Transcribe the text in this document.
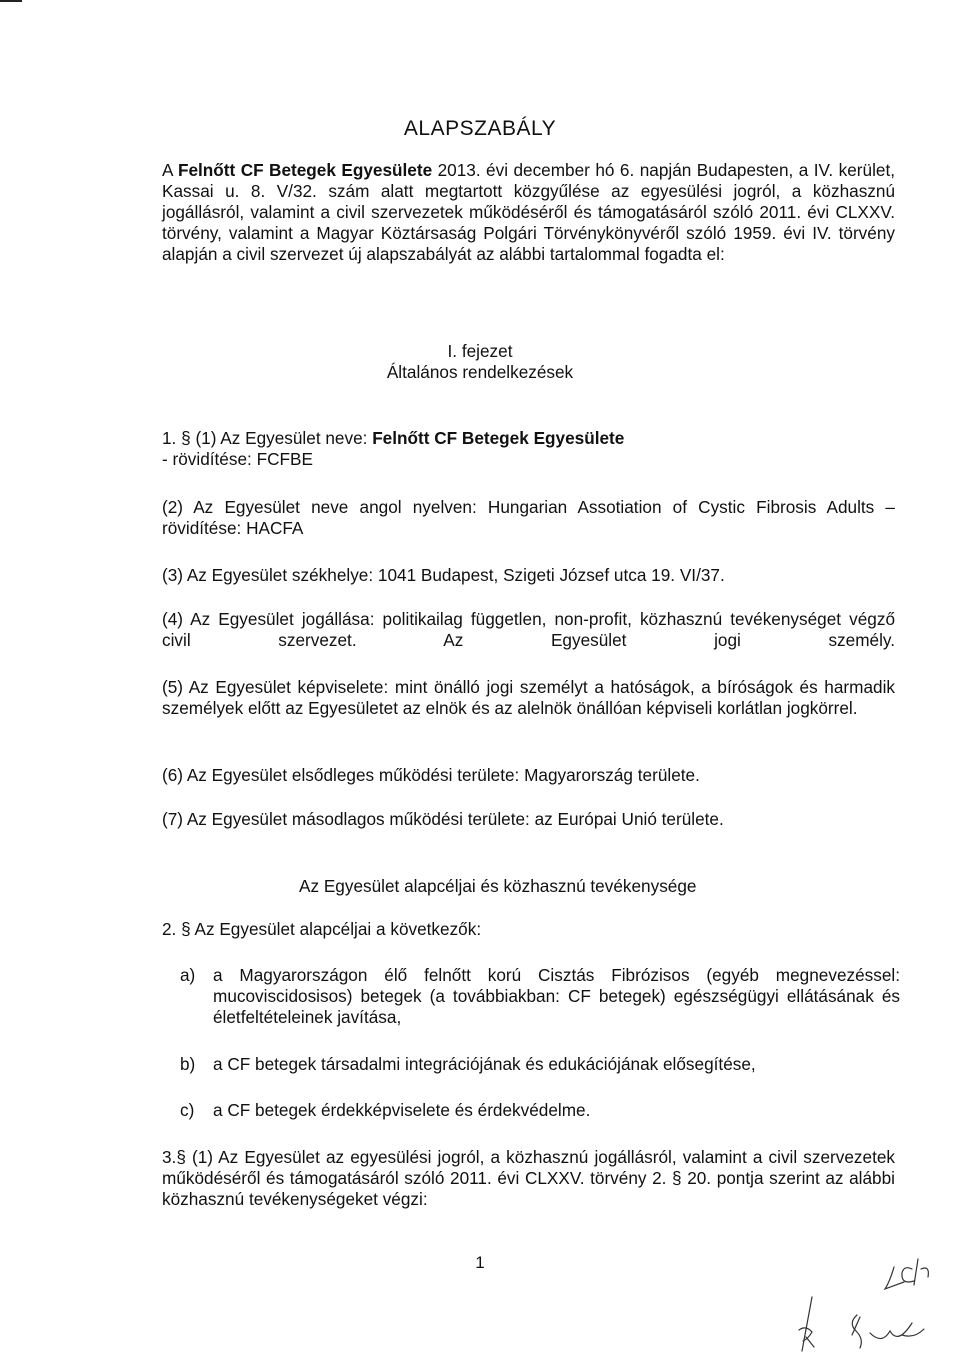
ALAPSZABÁLY

A Felnőtt CF Betegek Egyesülete 2013. évi december hó 6. napján Budapesten, a IV. kerület, Kassai u. 8. V/32. szám alatt megtartott közgyűlése az egyesülési jogról, a közhasznú jogállásról, valamint a civil szervezetek működéséről és támogatásáról szóló 2011. évi CLXXV. törvény, valamint a Magyar Köztársaság Polgári Törvénykönyvéről szóló 1959. évi IV. törvény alapján a civil szervezet új alapszabályát az alábbi tartalommal fogadta el:

I. fejezet
Általános rendelkezések

1. § (1) Az Egyesület neve: Felnőtt CF Betegek Egyesülete
- rövidítése: FCFBE

(2) Az Egyesület neve angol nyelven: Hungarian Assotiation of Cystic Fibrosis Adults – rövidítése: HACFA

(3) Az Egyesület székhelye: 1041 Budapest, Szigeti József utca 19. VI/37.

(4) Az Egyesület jogállása: politikailag független, non-profit, közhasznú tevékenységet végző civil szervezet. Az Egyesület jogi személy.

(5) Az Egyesület képviselete: mint önálló jogi személyt a hatóságok, a bíróságok és harmadik személyek előtt az Egyesületet az elnök és az alelnök önállóan képviseli korlátlan jogkörrel.

(6) Az Egyesület elsődleges működési területe: Magyarország területe.

(7) Az Egyesület másodlagos működési területe: az Európai Unió területe.

Az Egyesület alapcéljai és közhasznú tevékenysége

2. § Az Egyesület alapcéljai a következők:

a) a Magyarországon élő felnőtt korú Cisztás Fibrózisos (egyéb megnevezéssel: mucoviscidosisos) betegek (a továbbiakban: CF betegek) egészségügyi ellátásának és életfeltételeinek javítása,
b) a CF betegek társadalmi integrációjának és edukációjának elősegítése,
c) a CF betegek érdekképviselete és érdekvédelme.

3.§ (1) Az Egyesület az egyesülési jogról, a közhasznú jogállásról, valamint a civil szervezetek működéséről és támogatásáról szóló 2011. évi CLXXV. törvény 2. § 20. pontja szerint az alábbi közhasznú tevékenységeket végzi:

1
